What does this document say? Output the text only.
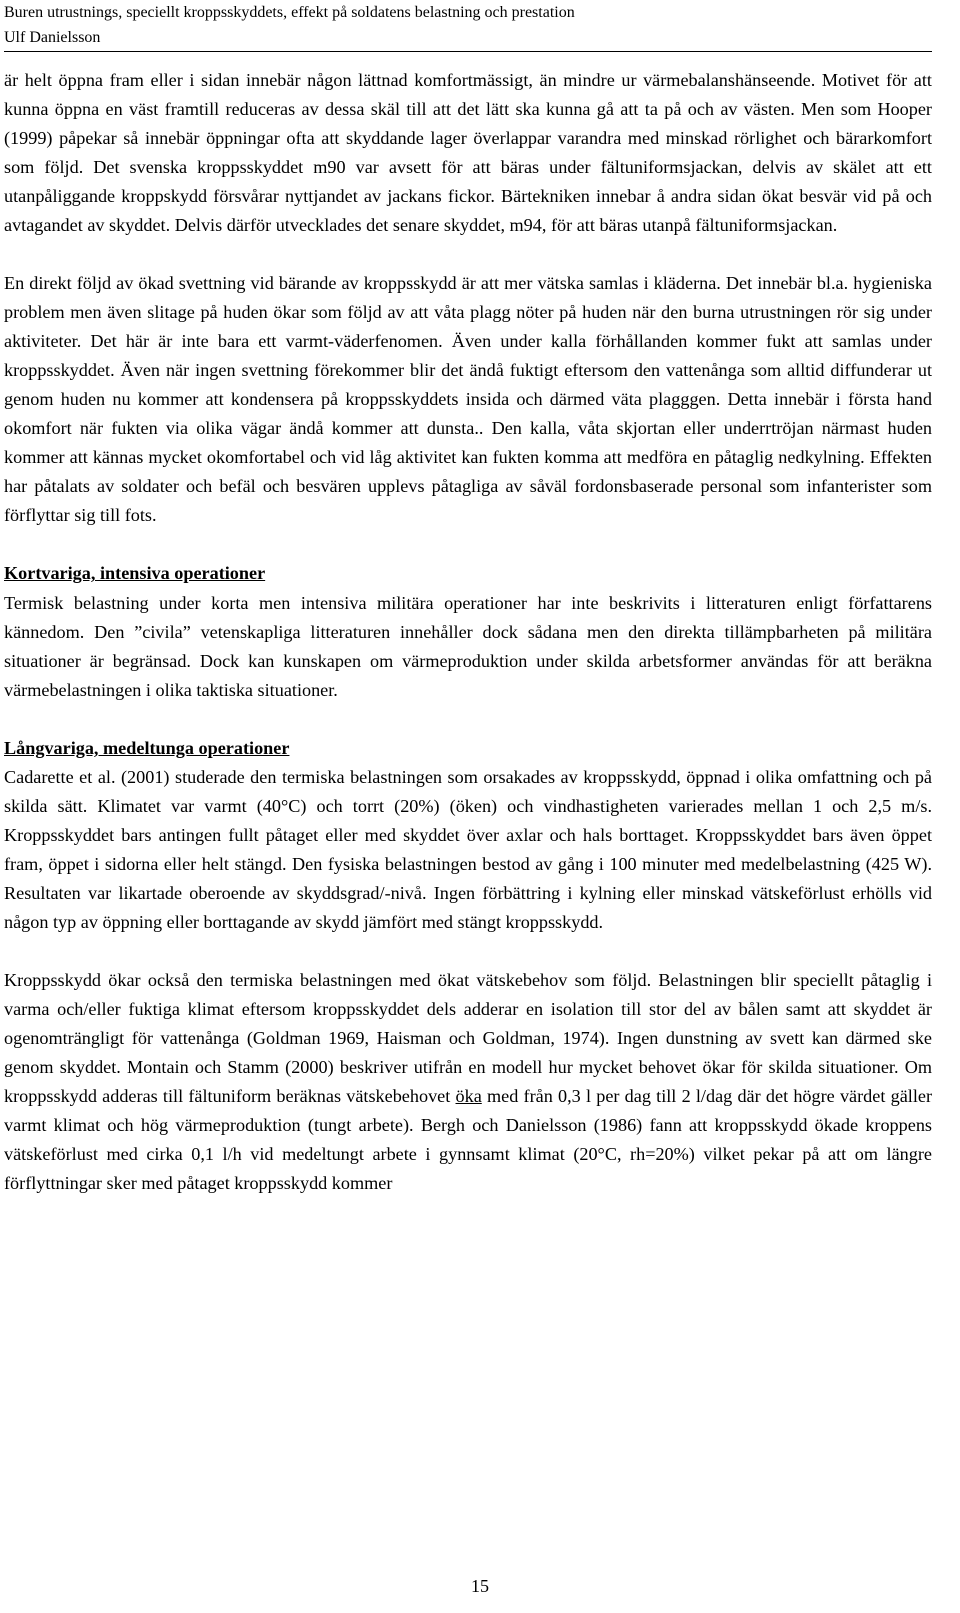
Buren utrustnings, speciellt kroppsskyddets, effekt på soldatens belastning och prestation
Ulf Danielsson

är helt öppna fram eller i sidan innebär någon lättnad komfortmässigt, än mindre ur värmebalanshänseende. Motivet för att kunna öppna en väst framtill reduceras av dessa skäl till att det lätt ska kunna gå att ta på och av västen. Men som Hooper (1999) påpekar så innebär öppningar ofta att skyddande lager överlappar varandra med minskad rörlighet och bärarkomfort som följd. Det svenska kroppsskyddet m90 var avsett för att bäras under fältuniformsjackan, delvis av skälet att ett utanpåliggande kroppskydd försvårar nyttjandet av jackans fickor. Bärtekniken innebar å andra sidan ökat besvär vid på och avtagandet av skyddet. Delvis därför utvecklades det senare skyddet, m94, för att bäras utanpå fältuniformsjackan.

En direkt följd av ökad svettning vid bärande av kroppsskydd är att mer vätska samlas i kläderna. Det innebär bl.a. hygieniska problem men även slitage på huden ökar som följd av att våta plagg nöter på huden när den burna utrustningen rör sig under aktiviteter. Det här är inte bara ett varmt-väderfenomen. Även under kalla förhållanden kommer fukt att samlas under kroppsskyddet. Även när ingen svettning förekommer blir det ändå fuktigt eftersom den vattenånga som alltid diffunderar ut genom huden nu kommer att kondensera på kroppsskyddets insida och därmed väta plagggen. Detta innebär i första hand okomfort när fukten via olika vägar ändå kommer att dunsta.. Den kalla, våta skjortan eller underrtröjan närmast huden kommer att kännas mycket okomfortabel och vid låg aktivitet kan fukten komma att medföra en påtaglig nedkylning. Effekten har påtalats av soldater och befäl och besvären upplevs påtagliga av såväl fordonsbaserade personal som infanterister som förflyttar sig till fots.

Kortvariga, intensiva operationer

Termisk belastning under korta men intensiva militära operationer har inte beskrivits i litteraturen enligt författarens kännedom. Den ”civila” vetenskapliga litteraturen innehåller dock sådana men den direkta tillämpbarheten på militära situationer är begränsad. Dock kan kunskapen om värmeproduktion under skilda arbetsformer användas för att beräkna värmebelastningen i olika taktiska situationer.

Långvariga, medeltunga operationer

Cadarette et al. (2001) studerade den termiska belastningen som orsakades av kroppsskydd, öppnad i olika omfattning och på skilda sätt. Klimatet var varmt (40°C) och torrt (20%) (öken) och vindhastigheten varierades mellan 1 och 2,5 m/s. Kroppsskyddet bars antingen fullt påtaget eller med skyddet över axlar och hals borttaget. Kroppsskyddet bars även öppet fram, öppet i sidorna eller helt stängd. Den fysiska belastningen bestod av gång i 100 minuter med medelbelastning (425 W). Resultaten var likartade oberoende av skyddsgrad/-nivå. Ingen förbättring i kylning eller minskad vätskeförlust erhölls vid någon typ av öppning eller borttagande av skydd jämfört med stängt kroppsskydd.

Kroppsskydd ökar också den termiska belastningen med ökat vätskebehov som följd. Belastningen blir speciellt påtaglig i varma och/eller fuktiga klimat eftersom kroppsskyddet dels adderar en isolation till stor del av bålen samt att skyddet är ogenomträngligt för vattenånga (Goldman 1969, Haisman och Goldman, 1974). Ingen dunstning av svett kan därmed ske genom skyddet. Montain och Stamm (2000) beskriver utifrån en modell hur mycket behovet ökar för skilda situationer. Om kroppsskydd adderas till fältuniform beräknas vätskebehovet öka med från 0,3 l per dag till 2 l/dag där det högre värdet gäller varmt klimat och hög värmeproduktion (tungt arbete). Bergh och Danielsson (1986) fann att kroppsskydd ökade kroppens vätskeförlust med cirka 0,1 l/h vid medeltungt arbete i gynnsamt klimat (20°C, rh=20%) vilket pekar på att om längre förflyttningar sker med påtaget kroppsskydd kommer

15
